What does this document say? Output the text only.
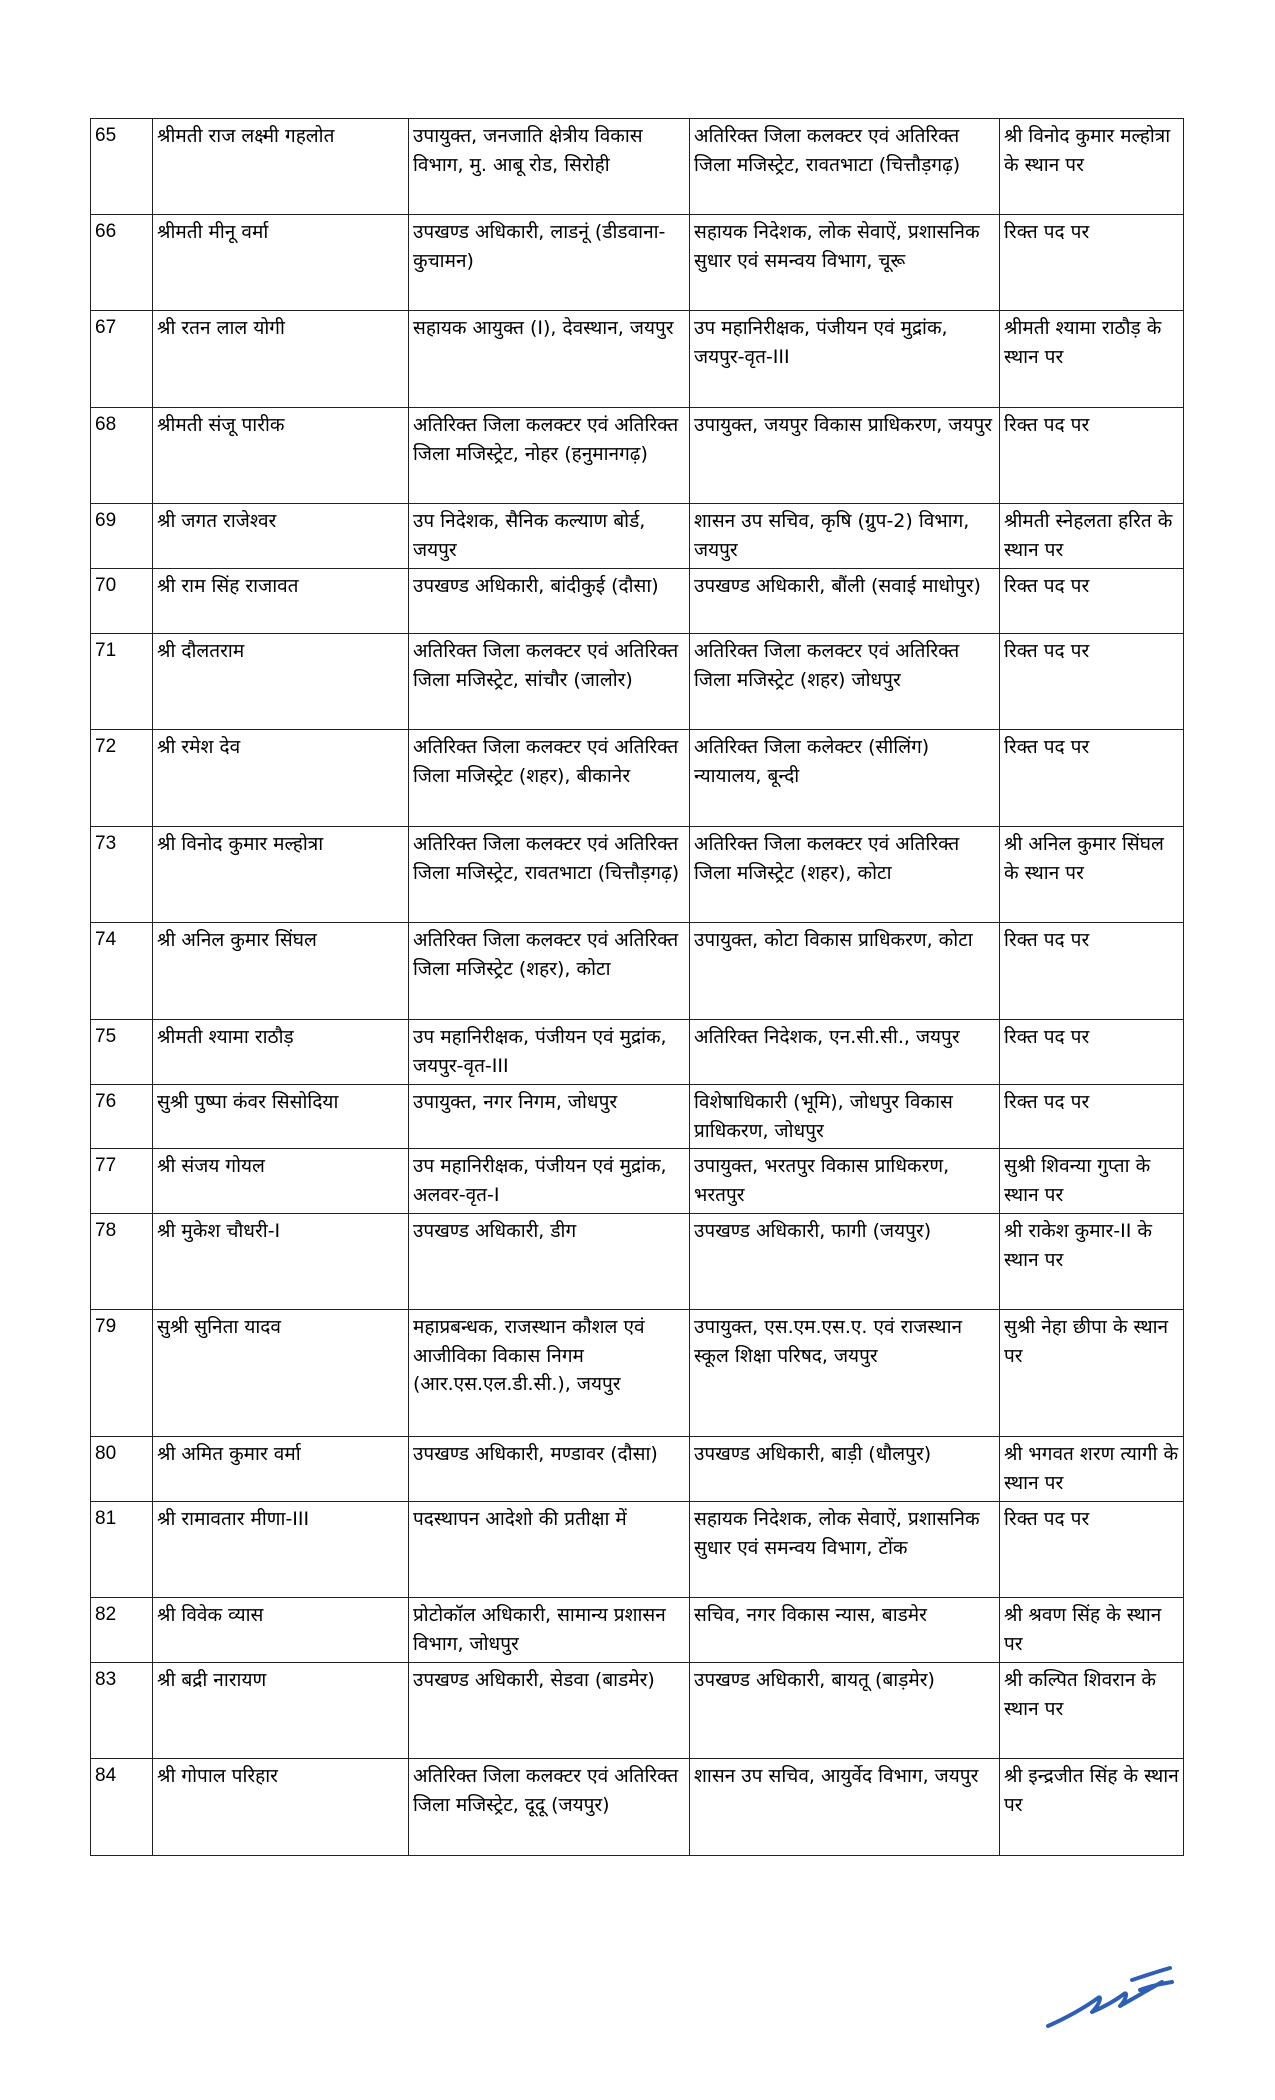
65	श्रीमती राज लक्ष्मी गहलोत	उपायुक्त, जनजाति क्षेत्रीय विकास विभाग, मु. आबू रोड, सिरोही	अतिरिक्त जिला कलक्टर एवं अतिरिक्त जिला मजिस्ट्रेट, रावतभाटा (चित्तौड़गढ़)	श्री विनोद कुमार मल्होत्रा के स्थान पर
66	श्रीमती मीनू वर्मा	उपखण्ड अधिकारी, लाडनूं (डीडवाना-कुचामन)	सहायक निदेशक, लोक सेवाऐं, प्रशासनिक सुधार एवं समन्वय विभाग, चूरू	रिक्त पद पर
67	श्री रतन लाल योगी	सहायक आयुक्त (I), देवस्थान, जयपुर	उप महानिरीक्षक, पंजीयन एवं मुद्रांक, जयपुर-वृत-III	श्रीमती श्यामा राठौड़ के स्थान पर
68	श्रीमती संजू पारीक	अतिरिक्त जिला कलक्टर एवं अतिरिक्त जिला मजिस्ट्रेट, नोहर (हनुमानगढ़)	उपायुक्त, जयपुर विकास प्राधिकरण, जयपुर	रिक्त पद पर
69	श्री जगत राजेश्वर	उप निदेशक, सैनिक कल्याण बोर्ड, जयपुर	शासन उप सचिव, कृषि (ग्रुप-2) विभाग, जयपुर	श्रीमती स्नेहलता हरित के स्थान पर
70	श्री राम सिंह राजावत	उपखण्ड अधिकारी, बांदीकुई (दौसा)	उपखण्ड अधिकारी, बौंली (सवाई माधोपुर)	रिक्त पद पर
71	श्री दौलतराम	अतिरिक्त जिला कलक्टर एवं अतिरिक्त जिला मजिस्ट्रेट, सांचौर (जालोर)	अतिरिक्त जिला कलक्टर एवं अतिरिक्त जिला मजिस्ट्रेट (शहर) जोधपुर	रिक्त पद पर
72	श्री रमेश देव	अतिरिक्त जिला कलक्टर एवं अतिरिक्त जिला मजिस्ट्रेट (शहर), बीकानेर	अतिरिक्त जिला कलेक्टर (सीलिंग) न्यायालय, बून्दी	रिक्त पद पर
73	श्री विनोद कुमार मल्होत्रा	अतिरिक्त जिला कलक्टर एवं अतिरिक्त जिला मजिस्ट्रेट, रावतभाटा (चित्तौड़गढ़)	अतिरिक्त जिला कलक्टर एवं अतिरिक्त जिला मजिस्ट्रेट (शहर), कोटा	श्री अनिल कुमार सिंघल के स्थान पर
74	श्री अनिल कुमार सिंघल	अतिरिक्त जिला कलक्टर एवं अतिरिक्त जिला मजिस्ट्रेट (शहर), कोटा	उपायुक्त, कोटा विकास प्राधिकरण, कोटा	रिक्त पद पर
75	श्रीमती श्यामा राठौड़	उप महानिरीक्षक, पंजीयन एवं मुद्रांक, जयपुर-वृत-III	अतिरिक्त निदेशक, एन.सी.सी., जयपुर	रिक्त पद पर
76	सुश्री पुष्पा कंवर सिसोदिया	उपायुक्त, नगर निगम, जोधपुर	विशेषाधिकारी (भूमि), जोधपुर विकास प्राधिकरण, जोधपुर	रिक्त पद पर
77	श्री संजय गोयल	उप महानिरीक्षक, पंजीयन एवं मुद्रांक, अलवर-वृत-I	उपायुक्त, भरतपुर विकास प्राधिकरण, भरतपुर	सुश्री शिवन्या गुप्ता के स्थान पर
78	श्री मुकेश चौधरी-I	उपखण्ड अधिकारी, डीग	उपखण्ड अधिकारी, फागी (जयपुर)	श्री राकेश कुमार-II के स्थान पर
79	सुश्री सुनिता यादव	महाप्रबन्धक, राजस्थान कौशल एवं आजीविका विकास निगम (आर.एस.एल.डी.सी.), जयपुर	उपायुक्त, एस.एम.एस.ए. एवं राजस्थान स्कूल शिक्षा परिषद, जयपुर	सुश्री नेहा छीपा के स्थान पर
80	श्री अमित कुमार वर्मा	उपखण्ड अधिकारी, मण्डावर (दौसा)	उपखण्ड अधिकारी, बाड़ी (धौलपुर)	श्री भगवत शरण त्यागी के स्थान पर
81	श्री रामावतार मीणा-III	पदस्थापन आदेशो की प्रतीक्षा में	सहायक निदेशक, लोक सेवाऐं, प्रशासनिक सुधार एवं समन्वय विभाग, टोंक	रिक्त पद पर
82	श्री विवेक व्यास	प्रोटोकॉल अधिकारी, सामान्य प्रशासन विभाग, जोधपुर	सचिव, नगर विकास न्यास, बाडमेर	श्री श्रवण सिंह के स्थान पर
83	श्री बद्री नारायण	उपखण्ड अधिकारी, सेडवा (बाडमेर)	उपखण्ड अधिकारी, बायतू (बाड़मेर)	श्री कल्पित शिवरान के स्थान पर
84	श्री गोपाल परिहार	अतिरिक्त जिला कलक्टर एवं अतिरिक्त जिला मजिस्ट्रेट, दूदू (जयपुर)	शासन उप सचिव, आयुर्वेद विभाग, जयपुर	श्री इन्द्रजीत सिंह के स्थान पर
